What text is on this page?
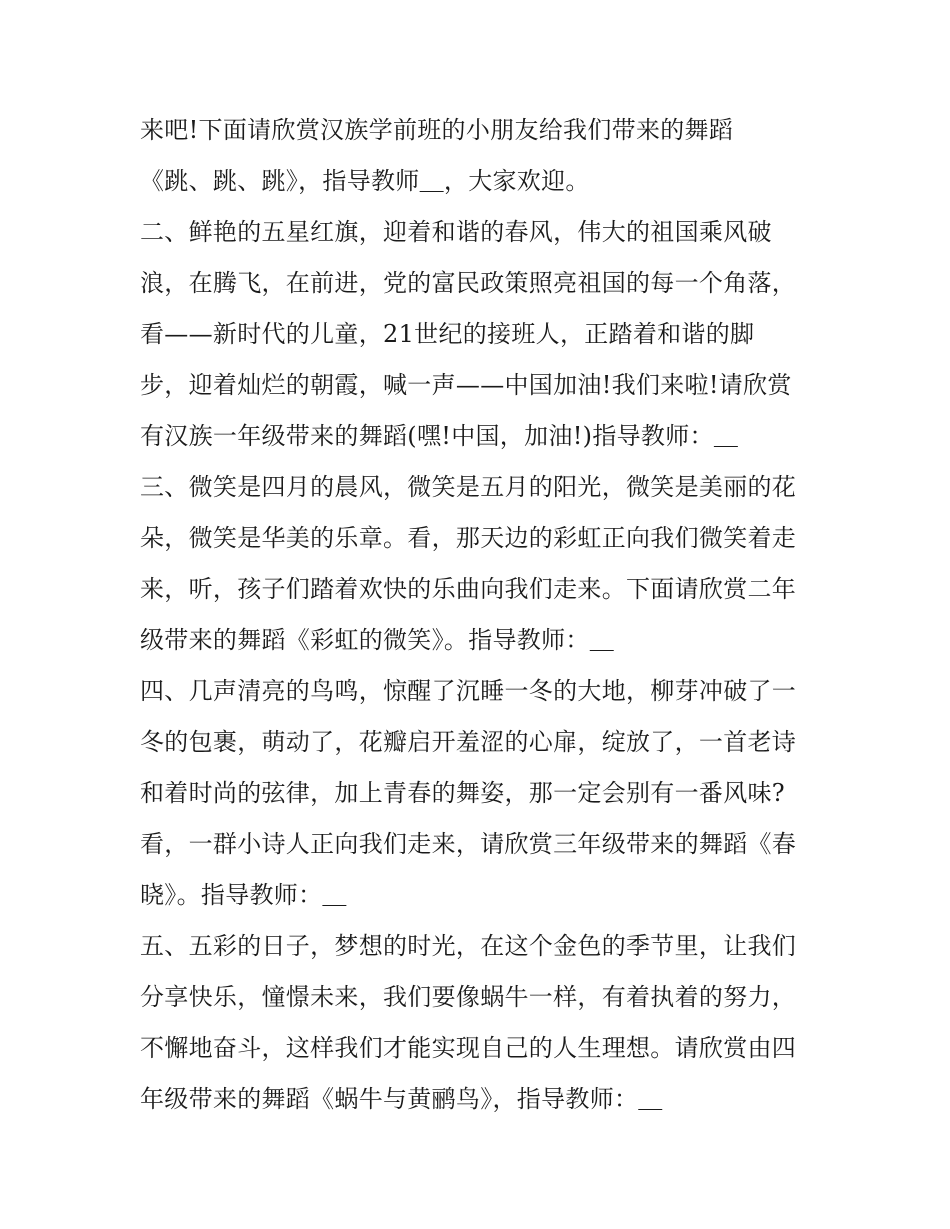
来吧!下面请欣赏汉族学前班的小朋友给我们带来的舞蹈
《跳、跳、跳》，指导教师＿，大家欢迎。
二、鲜艳的五星红旗，迎着和谐的春风，伟大的祖国乘风破
浪，在腾飞，在前进，党的富民政策照亮祖国的每一个角落，
看——新时代的儿童，21世纪的接班人，正踏着和谐的脚
步，迎着灿烂的朝霞，喊一声——中国加油!我们来啦!请欣赏
有汉族一年级带来的舞蹈(嘿!中国，加油!)指导教师：＿
三、微笑是四月的晨风，微笑是五月的阳光，微笑是美丽的花
朵，微笑是华美的乐章。看，那天边的彩虹正向我们微笑着走
来，听，孩子们踏着欢快的乐曲向我们走来。下面请欣赏二年
级带来的舞蹈《彩虹的微笑》。指导教师：＿
四、几声清亮的鸟鸣，惊醒了沉睡一冬的大地，柳芽冲破了一
冬的包裹，萌动了，花瓣启开羞涩的心扉，绽放了，一首老诗
和着时尚的弦律，加上青春的舞姿，那一定会别有一番风味?
看，一群小诗人正向我们走来，请欣赏三年级带来的舞蹈《春
晓》。指导教师：＿
五、五彩的日子，梦想的时光，在这个金色的季节里，让我们
分享快乐，憧憬未来，我们要像蜗牛一样，有着执着的努力，
不懈地奋斗，这样我们才能实现自己的人生理想。请欣赏由四
年级带来的舞蹈《蜗牛与黄鹂鸟》，指导教师：＿
